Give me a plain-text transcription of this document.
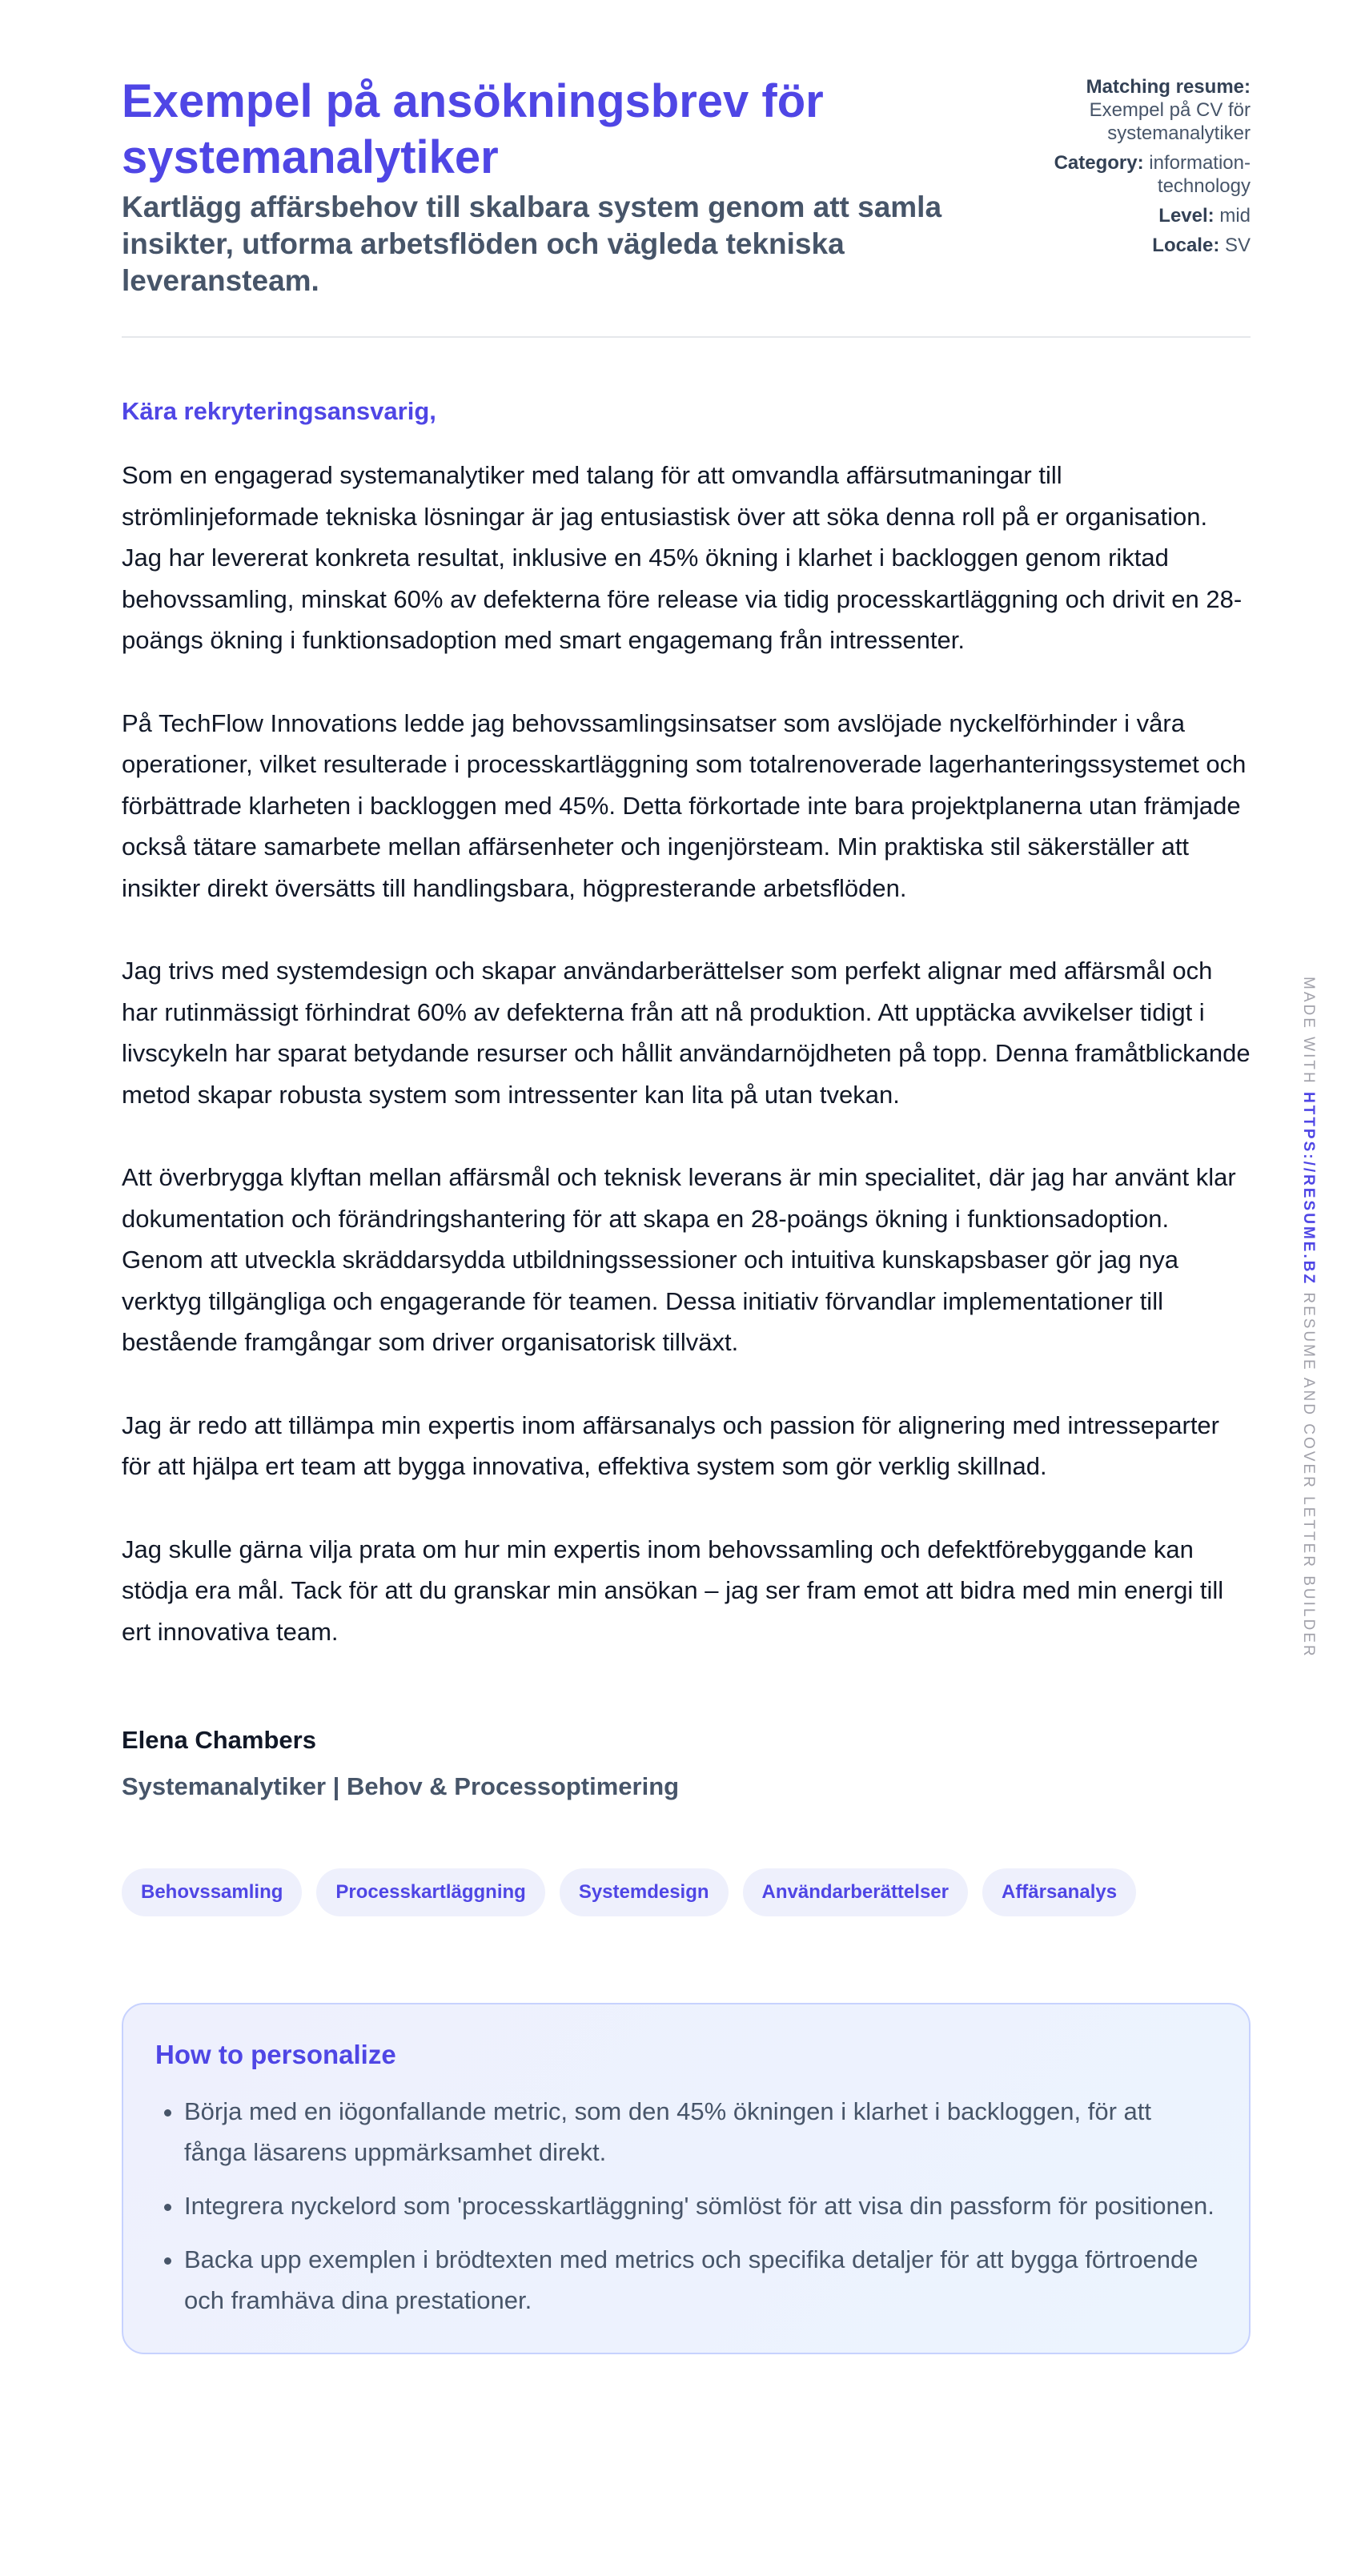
Exempel på ansökningsbrev för systemanalytiker
Kartlägg affärsbehov till skalbara system genom att samla insikter, utforma arbetsflöden och vägleda tekniska leveransteam.
Matching resume:
Exempel på CV för systemanalytiker
Category: information-technology
Level: mid
Locale: SV
Kära rekryteringsansvarig,

Som en engagerad systemanalytiker med talang för att omvandla affärsutmaningar till strömlinjeformade tekniska lösningar är jag entusiastisk över att söka denna roll på er organisation. Jag har levererat konkreta resultat, inklusive en 45% ökning i klarhet i backloggen genom riktad behovssamling, minskat 60% av defekterna före release via tidig processkartläggning och drivit en 28-poängs ökning i funktionsadoption med smart engagemang från intressenter.

På TechFlow Innovations ledde jag behovssamlingsinsatser som avslöjade nyckelförhinder i våra operationer, vilket resulterade i processkartläggning som totalrenoverade lagerhanteringssystemet och förbättrade klarheten i backloggen med 45%. Detta förkortade inte bara projektplanerna utan främjade också tätare samarbete mellan affärsenheter och ingenjörsteam. Min praktiska stil säkerställer att insikter direkt översätts till handlingsbara, högpresterande arbetsflöden.

Jag trivs med systemdesign och skapar användarberättelser som perfekt alignar med affärsmål och har rutinmässigt förhindrat 60% av defekterna från att nå produktion. Att upptäcka avvikelser tidigt i livscykeln har sparat betydande resurser och hållit användarnöjdheten på topp. Denna framåtblickande metod skapar robusta system som intressenter kan lita på utan tvekan.

Att överbrygga klyftan mellan affärsmål och teknisk leverans är min specialitet, där jag har använt klar dokumentation och förändringshantering för att skapa en 28-poängs ökning i funktionsadoption. Genom att utveckla skräddarsydda utbildningssessioner och intuitiva kunskapsbaser gör jag nya verktyg tillgängliga och engagerande för teamen. Dessa initiativ förvandlar implementationer till bestående framgångar som driver organisatorisk tillväxt.

Jag är redo att tillämpa min expertis inom affärsanalys och passion för alignering med intresseparter för att hjälpa ert team att bygga innovativa, effektiva system som gör verklig skillnad.

Jag skulle gärna vilja prata om hur min expertis inom behovssamling och defektförebyggande kan stödja era mål. Tack för att du granskar min ansökan – jag ser fram emot att bidra med min energi till ert innovativa team.

Elena Chambers
Systemanalytiker | Behov & Processoptimering
Behovssamling	Processkartläggning	Systemdesign	Användarberättelser	Affärsanalys
How to personalize
• Börja med en iögonfallande metric, som den 45% ökningen i klarhet i backloggen, för att fånga läsarens uppmärksamhet direkt.
• Integrera nyckelord som 'processkartläggning' sömlöst för att visa din passform för positionen.
• Backa upp exemplen i brödtexten med metrics och specifika detaljer för att bygga förtroende och framhäva dina prestationer.
MADE WITH HTTPS://RESUME.BZ RESUME AND COVER LETTER BUILDER
